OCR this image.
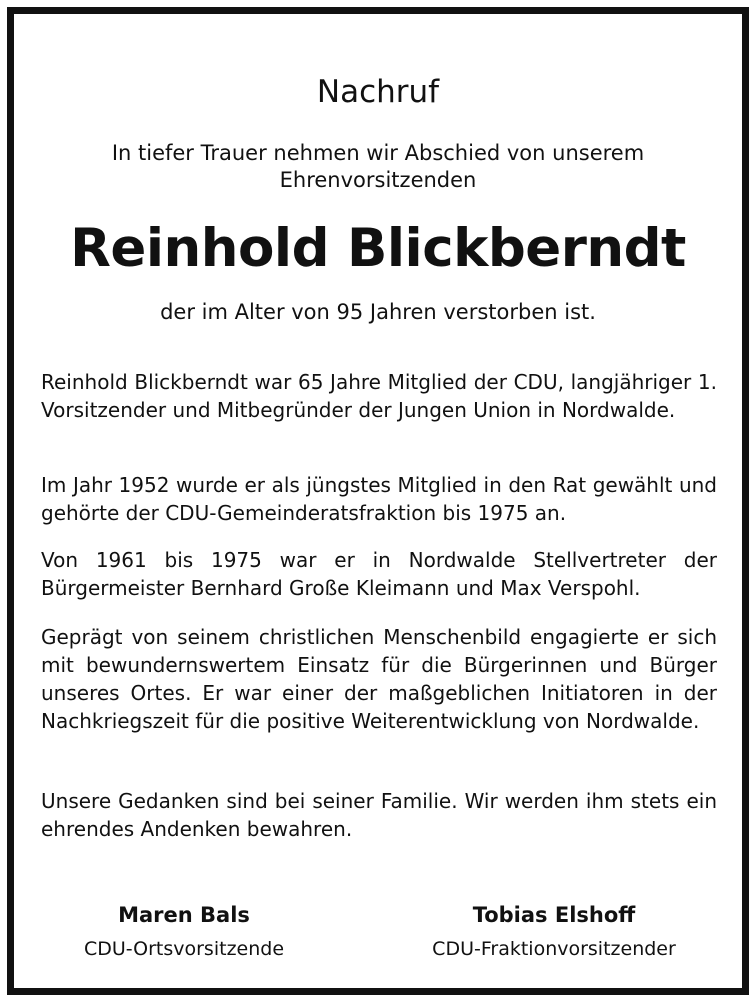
Nachruf
In tiefer Trauer nehmen wir Abschied von unserem
Ehrenvorsitzenden
Reinhold Blickberndt
der im Alter von 95 Jahren verstorben ist.

Reinhold Blickberndt war 65 Jahre Mitglied der CDU, langjähriger 1. Vorsitzender und Mitbegründer der Jungen Union in Nordwalde.

Im Jahr 1952 wurde er als jüngstes Mitglied in den Rat gewählt und gehörte der CDU-Gemeinderatsfraktion bis 1975 an.

Von 1961 bis 1975 war er in Nordwalde Stellvertreter der Bürgermeister Bernhard Große Kleimann und Max Verspohl.

Geprägt von seinem christlichen Menschenbild engagierte er sich mit bewundernswertem Einsatz für die Bürgerinnen und Bürger unseres Ortes. Er war einer der maßgeblichen Initiatoren in der Nachkriegszeit für die positive Weiterentwicklung von Nordwalde.

Unsere Gedanken sind bei seiner Familie. Wir werden ihm stets ein ehrendes Andenken bewahren.

Maren Bals
CDU-Ortsvorsitzende
Tobias Elshoff
CDU-Fraktionvorsitzender
